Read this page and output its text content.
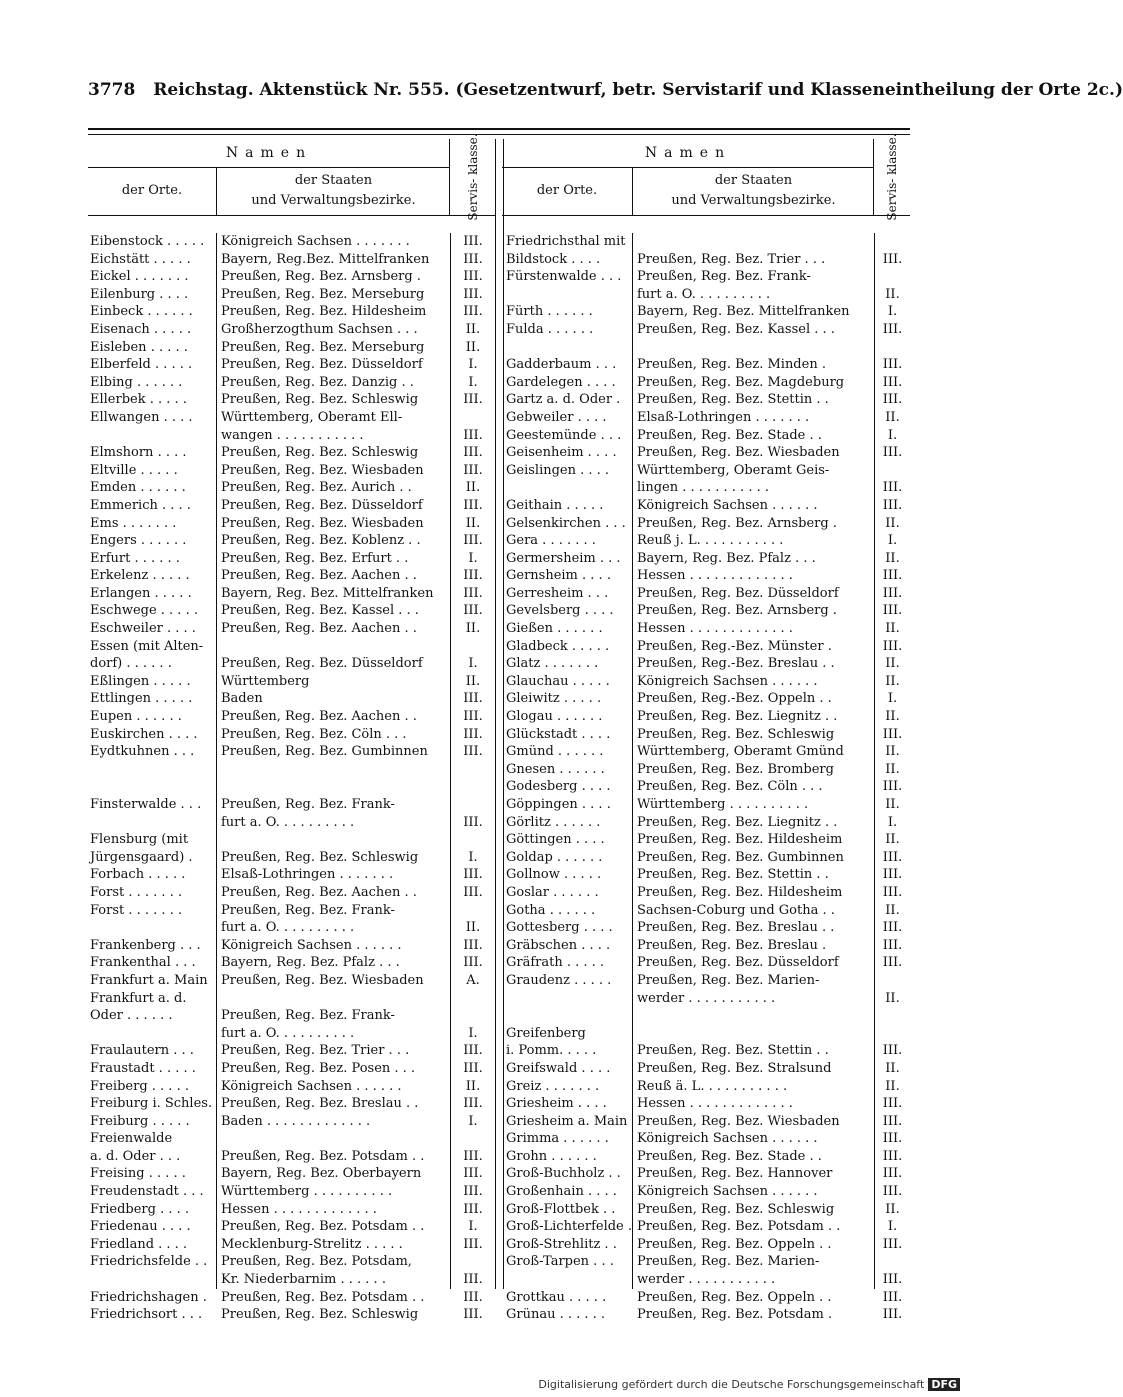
3778 Reichstag. Aktenstück Nr. 555. (Gesetzentwurf, betr. Servistarif und Klasseneintheilung der Orte 2c.)
Namen
der Orte.
der Staaten
und Verwaltungsbezirke.	Servis- klasse.
Eibenstock . . . . .	Königreich Sachsen . . . . . . .	III.
Eichstätt . . . . .	Bayern, Reg.Bez. Mittelfranken	III.
Eickel . . . . . . .	Preußen, Reg. Bez. Arnsberg .	III.
Eilenburg . . . .	Preußen, Reg. Bez. Merseburg	III.
Einbeck . . . . . .	Preußen, Reg. Bez. Hildesheim	III.
Eisenach . . . . .	Großherzogthum Sachsen . . .	II.
Eisleben . . . . .	Preußen, Reg. Bez. Merseburg	II.
Elberfeld . . . . .	Preußen, Reg. Bez. Düsseldorf	I.
Elbing . . . . . .	Preußen, Reg. Bez. Danzig . .	I.
Ellerbek . . . . .	Preußen, Reg. Bez. Schleswig	III.
Ellwangen . . . .	Württemberg, Oberamt Ell-
wangen . . . . . . . . . . .	III.
Elmshorn . . . .	Preußen, Reg. Bez. Schleswig	III.
Eltville . . . . .	Preußen, Reg. Bez. Wiesbaden	III.
Emden . . . . . .	Preußen, Reg. Bez. Aurich . .	II.
Emmerich . . . .	Preußen, Reg. Bez. Düsseldorf	III.
Ems . . . . . . .	Preußen, Reg. Bez. Wiesbaden	II.
Engers . . . . . .	Preußen, Reg. Bez. Koblenz . .	III.
Erfurt . . . . . .	Preußen, Reg. Bez. Erfurt . .	I.
Erkelenz . . . . .	Preußen, Reg. Bez. Aachen . .	III.
Erlangen . . . . .	Bayern, Reg. Bez. Mittelfranken	III.
Eschwege . . . . .	Preußen, Reg. Bez. Kassel . . .	III.
Eschweiler . . . .	Preußen, Reg. Bez. Aachen . .	II.
Essen (mit Alten-
dorf) . . . . . .	Preußen, Reg. Bez. Düsseldorf	I.
Eßlingen . . . . .	Württemberg	II.
Ettlingen . . . . .	Baden	III.
Eupen . . . . . .	Preußen, Reg. Bez. Aachen . .	III.
Euskirchen . . . .	Preußen, Reg. Bez. Cöln . . .	III.
Eydtkuhnen . . .	Preußen, Reg. Bez. Gumbinnen	III.
Finsterwalde . . .	Preußen, Reg. Bez. Frank-
furt a. O. . . . . . . . . .	III.
Flensburg (mit
Jürgensgaard) .	Preußen, Reg. Bez. Schleswig	I.
Forbach . . . . .	Elsaß-Lothringen . . . . . . .	III.
Forst . . . . . . .	Preußen, Reg. Bez. Aachen . .	III.
Forst . . . . . . .	Preußen, Reg. Bez. Frank-
furt a. O. . . . . . . . . .	II.
Frankenberg . . .	Königreich Sachsen . . . . . .	III.
Frankenthal . . .	Bayern, Reg. Bez. Pfalz . . .	III.
Frankfurt a. Main	Preußen, Reg. Bez. Wiesbaden	A.
Frankfurt a. d.
Oder . . . . . .	Preußen, Reg. Bez. Frank-
furt a. O. . . . . . . . . .	I.
Fraulautern . . .	Preußen, Reg. Bez. Trier . . .	III.
Fraustadt . . . . .	Preußen, Reg. Bez. Posen . . .	III.
Freiberg . . . . .	Königreich Sachsen . . . . . .	II.
Freiburg i. Schles. Preußen, Reg. Bez. Breslau . .	III.
Freiburg . . . . .	Baden . . . . . . . . . . . . .	I.
Freienwalde
a. d. Oder . . .	Preußen, Reg. Bez. Potsdam . .	III.
Freising . . . . .	Bayern, Reg. Bez. Oberbayern	III.
Freudenstadt . . .	Württemberg . . . . . . . . . .	III.
Friedberg . . . .	Hessen . . . . . . . . . . . . .	III.
Friedenau . . . .	Preußen, Reg. Bez. Potsdam . .	I.
Friedland . . . .	Mecklenburg-Strelitz . . . . .	III.
Friedrichsfelde . .	Preußen, Reg. Bez. Potsdam,
Kr. Niederbarnim . . . . . .	III.
Friedrichshagen .	Preußen, Reg. Bez. Potsdam . .	III.
Friedrichsort . . .	Preußen, Reg. Bez. Schleswig	III.
Namen
der Orte.
der Staaten
und Verwaltungsbezirke.	Servis- klasse.
Friedrichsthal mit
Bildstock . . . .	Preußen, Reg. Bez. Trier . . .	III.
Fürstenwalde . . .	Preußen, Reg. Bez. Frank-
furt a. O. . . . . . . . . .	II.
Fürth . . . . . .	Bayern, Reg. Bez. Mittelfranken	I.
Fulda . . . . . .	Preußen, Reg. Bez. Kassel . . .	III.
Gadderbaum . . .	Preußen, Reg. Bez. Minden .	III.
Gardelegen . . . .	Preußen, Reg. Bez. Magdeburg	III.
Gartz a. d. Oder .	Preußen, Reg. Bez. Stettin . .	III.
Gebweiler . . . .	Elsaß-Lothringen . . . . . . .	II.
Geestemünde . . .	Preußen, Reg. Bez. Stade . .	I.
Geisenheim . . . .	Preußen, Reg. Bez. Wiesbaden	III.
Geislingen . . . .	Württemberg, Oberamt Geis-
lingen . . . . . . . . . . .	III.
Geithain . . . . .	Königreich Sachsen . . . . . .	III.
Gelsenkirchen . . . Preußen, Reg. Bez. Arnsberg .	II.
Gera . . . . . . .	Reuß j. L. . . . . . . . . . .	I.
Germersheim . . .	Bayern, Reg. Bez. Pfalz . . .	II.
Gernsheim . . . .	Hessen . . . . . . . . . . . . .	III.
Gerresheim . . .	Preußen, Reg. Bez. Düsseldorf	III.
Gevelsberg . . . .	Preußen, Reg. Bez. Arnsberg .	III.
Gießen . . . . . .	Hessen . . . . . . . . . . . . .	II.
Gladbeck . . . . .	Preußen, Reg.-Bez. Münster .	III.
Glatz . . . . . . .	Preußen, Reg.-Bez. Breslau . .	II.
Glauchau . . . . .	Königreich Sachsen . . . . . .	II.
Gleiwitz . . . . .	Preußen, Reg.-Bez. Oppeln . .	I.
Glogau . . . . . .	Preußen, Reg. Bez. Liegnitz . .	II.
Glückstadt . . . .	Preußen, Reg. Bez. Schleswig	III.
Gmünd . . . . . .	Württemberg, Oberamt Gmünd	II.
Gnesen . . . . . .	Preußen, Reg. Bez. Bromberg	II.
Godesberg . . . .	Preußen, Reg. Bez. Cöln . . .	III.
Göppingen . . . .	Württemberg . . . . . . . . . .	II.
Görlitz . . . . . .	Preußen, Reg. Bez. Liegnitz . .	I.
Göttingen . . . .	Preußen, Reg. Bez. Hildesheim	II.
Goldap . . . . . .	Preußen, Reg. Bez. Gumbinnen	III.
Gollnow . . . . .	Preußen, Reg. Bez. Stettin . .	III.
Goslar . . . . . .	Preußen, Reg. Bez. Hildesheim	III.
Gotha . . . . . .	Sachsen-Coburg und Gotha . .	II.
Gottesberg . . . .	Preußen, Reg. Bez. Breslau . .	III.
Gräbschen . . . .	Preußen, Reg. Bez. Breslau .	III.
Gräfrath . . . . .	Preußen, Reg. Bez. Düsseldorf	III.
Graudenz . . . . .	Preußen, Reg. Bez. Marien-
werder . . . . . . . . . . .	II.
Greifenberg
i. Pomm. . . . .	Preußen, Reg. Bez. Stettin . .	III.
Greifswald . . . .	Preußen, Reg. Bez. Stralsund	II.
Greiz . . . . . . .	Reuß ä. L. . . . . . . . . . .	II.
Griesheim . . . .	Hessen . . . . . . . . . . . . .	III.
Griesheim a. Main Preußen, Reg. Bez. Wiesbaden	III.
Grimma . . . . . .	Königreich Sachsen . . . . . .	III.
Grohn . . . . . .	Preußen, Reg. Bez. Stade . .	III.
Groß-Buchholz . .	Preußen, Reg. Bez. Hannover	III.
Großenhain . . . .	Königreich Sachsen . . . . . .	III.
Groß-Flottbek . .	Preußen, Reg. Bez. Schleswig	II.
Groß-Lichterfelde . Preußen, Reg. Bez. Potsdam . .	I.
Groß-Strehlitz . .	Preußen, Reg. Bez. Oppeln . .	III.
Groß-Tarpen . . .	Preußen, Reg. Bez. Marien-
werder . . . . . . . . . . .	III.
Grottkau . . . . .	Preußen, Reg. Bez. Oppeln . .	III.
Grünau . . . . . .	Preußen, Reg. Bez. Potsdam .	III.
Digitalisierung gefördert durch die Deutsche Forschungsgemeinschaft DFG
